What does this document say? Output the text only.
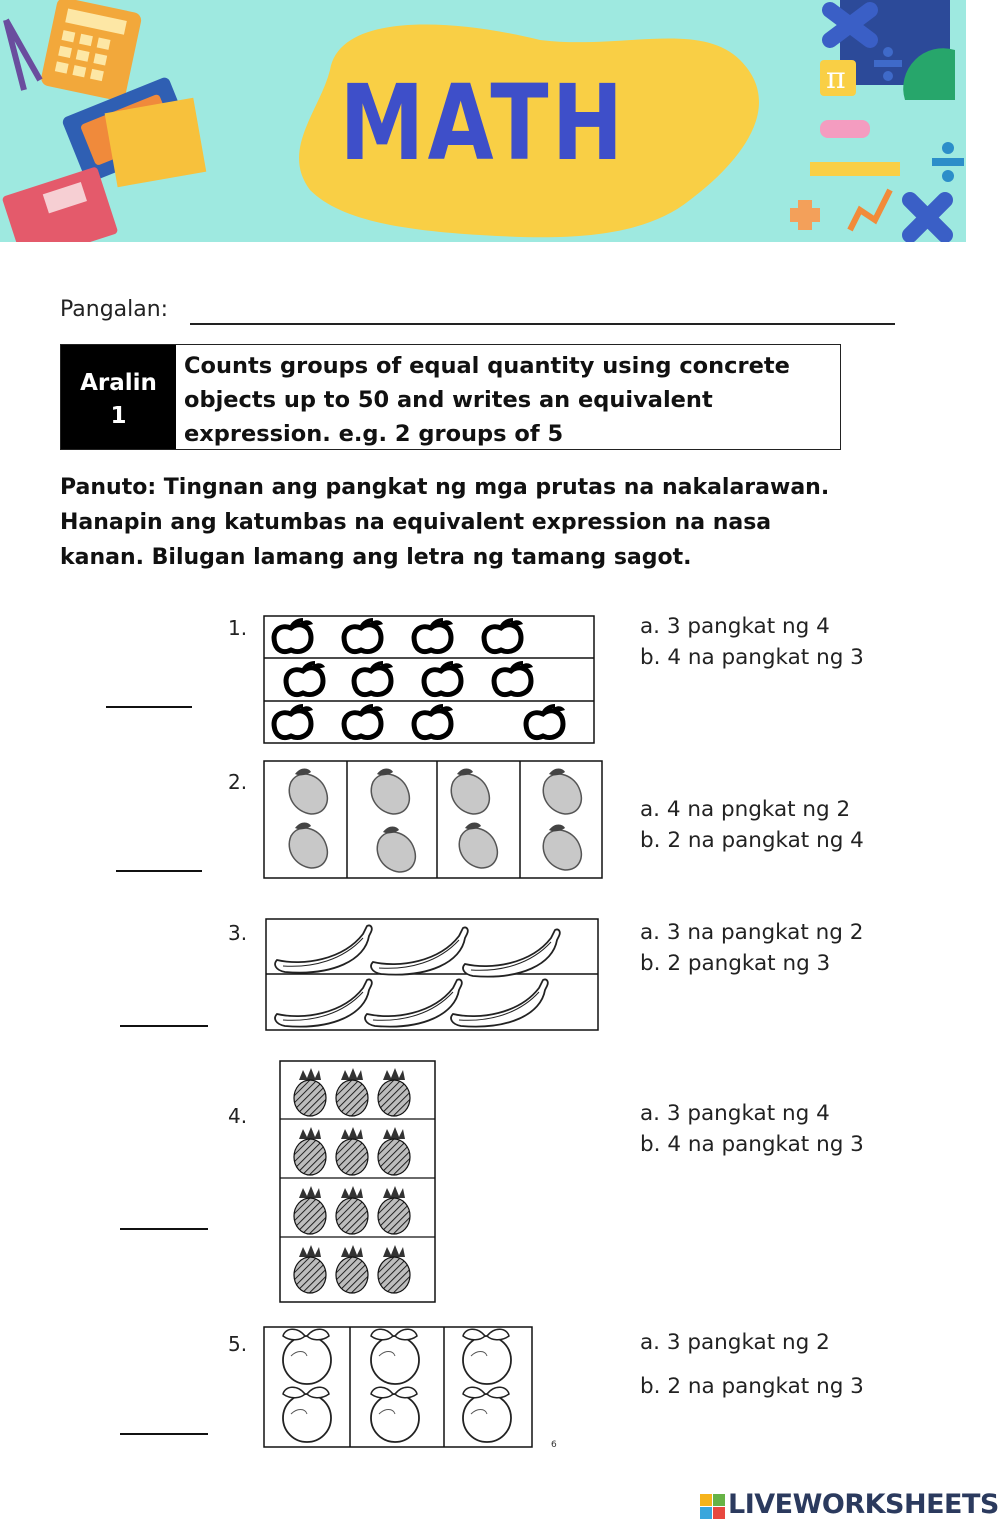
π
MATH
Pangalan:
Aralin
1
Counts groups of equal quantity using concrete
objects up to 50 and writes an equivalent
expression. e.g. 2 groups of 5
Panuto: Tingnan ang pangkat ng mga prutas na nakalarawan.
Hanapin ang katumbas na equivalent expression na nasa
kanan. Bilugan lamang ang letra ng tamang sagot.
1.	a. 3 pangkat ng 4
b. 4 na pangkat ng 3
2.
a. 4 na pngkat ng 2
b. 2 na pangkat ng 4
3.	a. 3 na pangkat ng 2
b. 2 pangkat ng 3
4.	a. 3 pangkat ng 4
b. 4 na pangkat ng 3
5.	a. 3 pangkat ng 2
b. 2 na pangkat ng 3
6
LIVEWORKSHEETS
